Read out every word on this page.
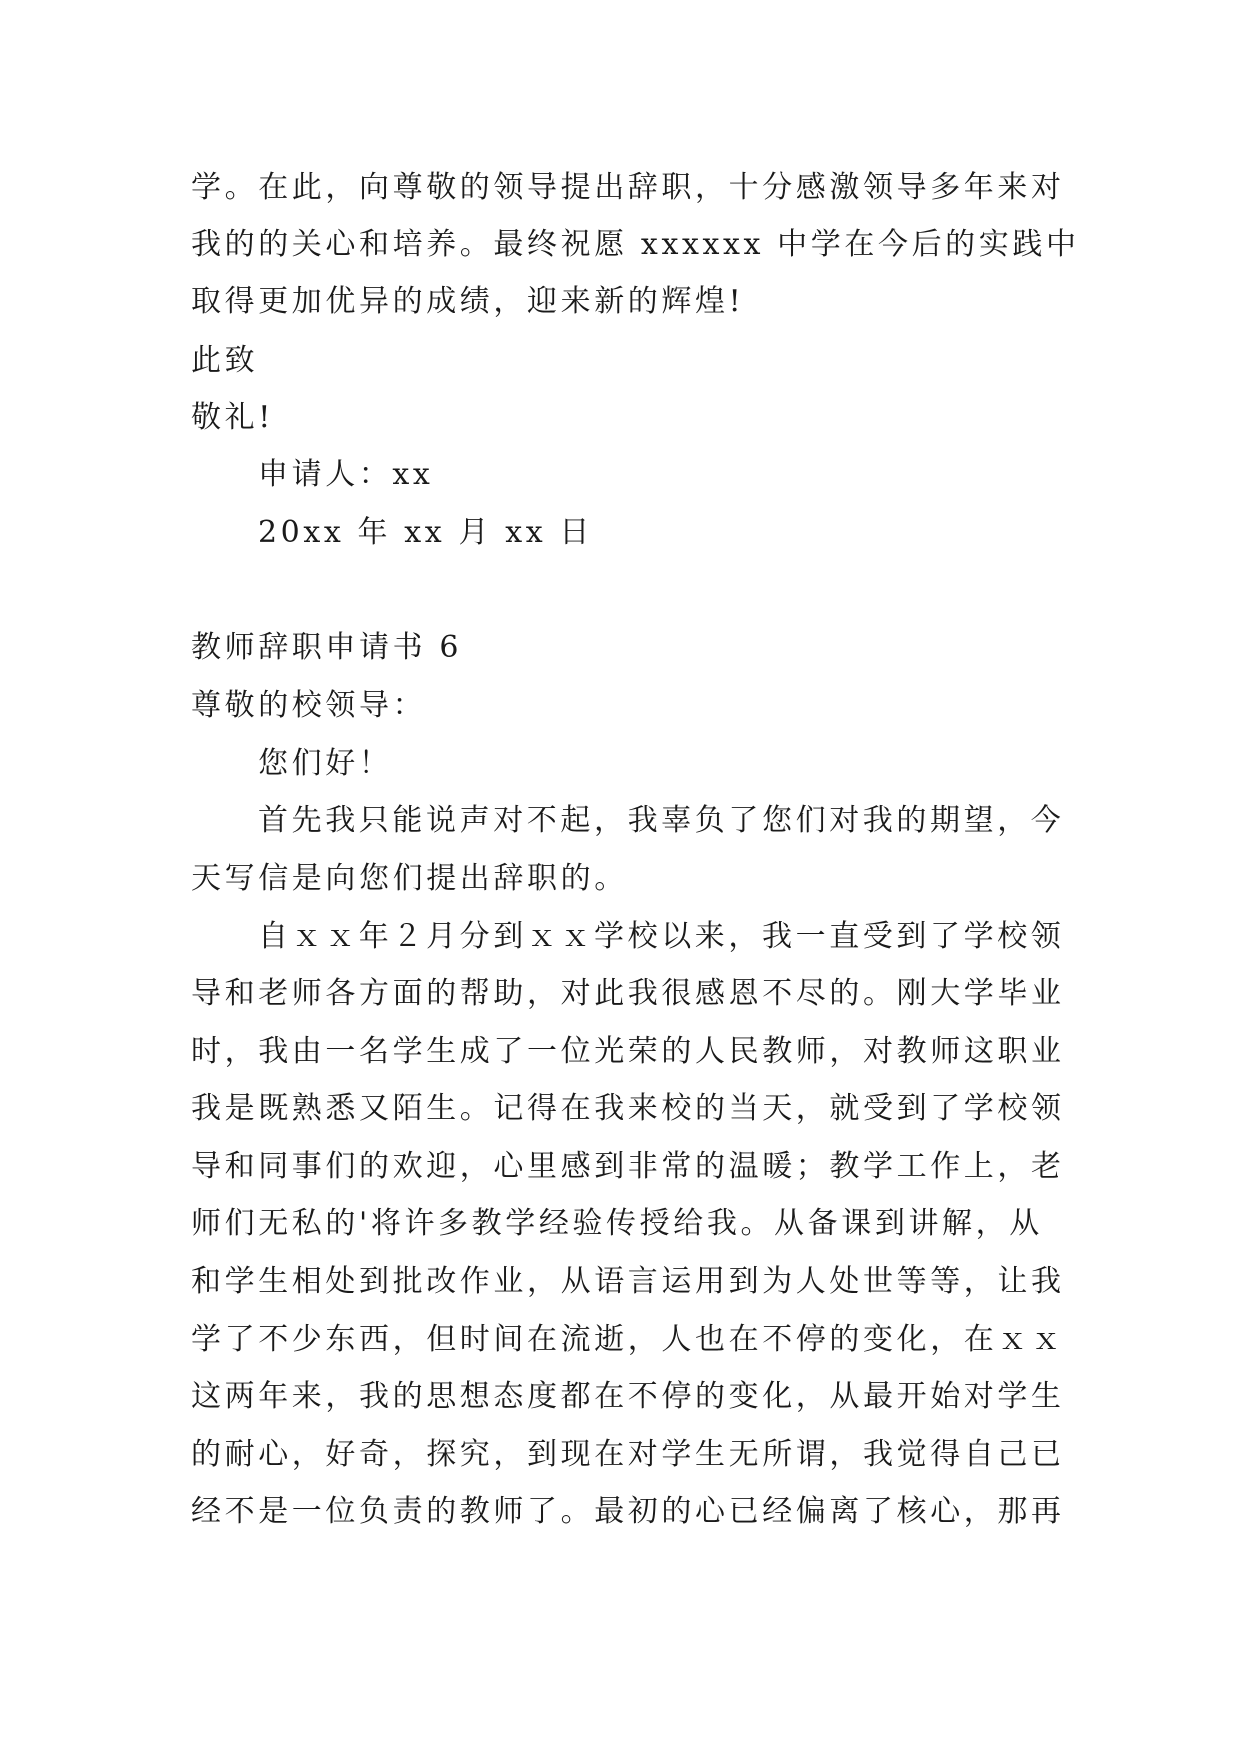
学。在此，向尊敬的领导提出辞职，十分感激领导多年来对
我的的关心和培养。最终祝愿 xxxxxx 中学在今后的实践中
取得更加优异的成绩，迎来新的辉煌!
此致
敬礼!
申请人：xx
20xx 年 xx 月 xx 日
教师辞职申请书 6
尊敬的校领导：
您们好！
首先我只能说声对不起，我辜负了您们对我的期望，今
天写信是向您们提出辞职的。
自ｘｘ年２月分到ｘｘ学校以来，我一直受到了学校领
导和老师各方面的帮助，对此我很感恩不尽的。刚大学毕业
时，我由一名学生成了一位光荣的人民教师，对教师这职业
我是既熟悉又陌生。记得在我来校的当天，就受到了学校领
导和同事们的欢迎，心里感到非常的温暖；教学工作上，老
师们无私的'将许多教学经验传授给我。从备课到讲解，从
和学生相处到批改作业，从语言运用到为人处世等等，让我
学了不少东西，但时间在流逝，人也在不停的变化，在ｘｘ
这两年来，我的思想态度都在不停的变化，从最开始对学生
的耐心，好奇，探究，到现在对学生无所谓，我觉得自己已
经不是一位负责的教师了。最初的心已经偏离了核心，那再
